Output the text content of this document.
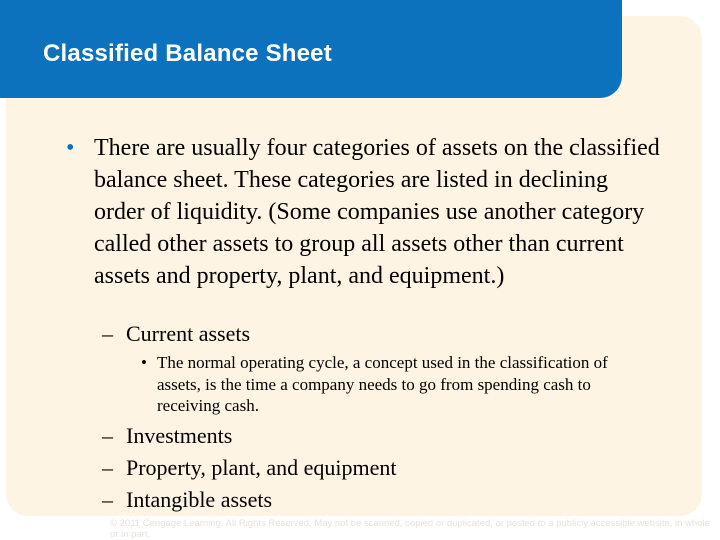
Classified Balance Sheet
• There are usually four categories of assets on the classified balance sheet. These categories are listed in declining order of liquidity. (Some companies use another category called other assets to group all assets other than current assets and property, plant, and equipment.)
– Current assets
• The normal operating cycle, a concept used in the classification of assets, is the time a company needs to go from spending cash to receiving cash.
– Investments
– Property, plant, and equipment
– Intangible assets
© 2011 Cengage Learning. All Rights Reserved. May not be scanned, copied or duplicated, or posted to a publicly accessible website, in whole or in part.
